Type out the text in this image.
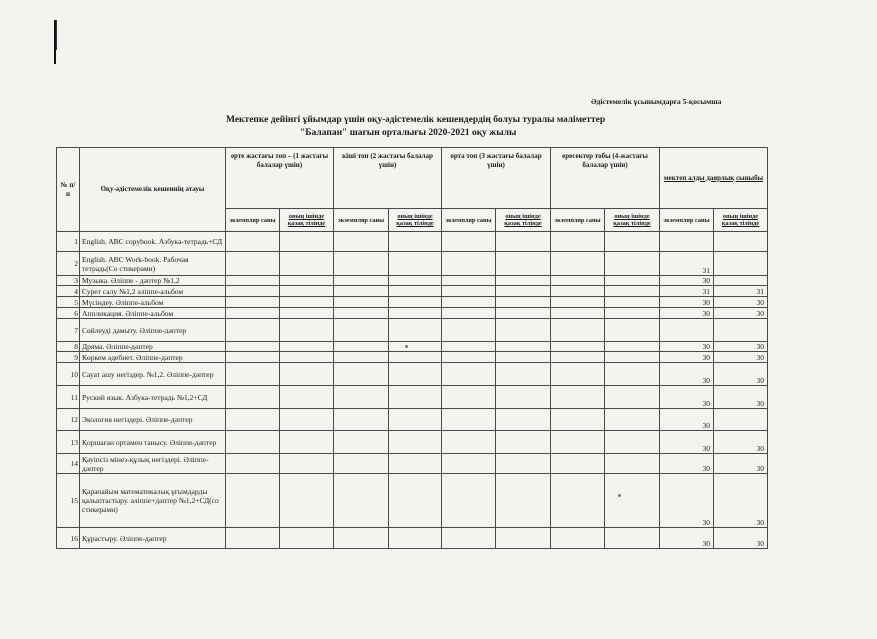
Әдістемелік ұсынымдарға 5-қосымша
Мектепке дейінгі ұйымдар үшін оқу-әдістемелік кешендердің болуы туралы мәліметтер
"Балапан" шағын орталығы 2020-2021 оқу жылы
№ п/п	Оқу-әдістемелік кешеннің атауы	ерте жастағы топ – (1 жастағы балалар үшін)		кіші топ (2 жастағы балалар үшін)		орта топ (3 жастағы балалар үшін)		ересектер тобы (4-жастағы балалар үшін)		мектеп алды даярлық сыныбы	
		экземпляр саны	оның ішінде қазақ тілінде	экземпляр саны	оның ішінде қазақ тілінде	экземпляр саны	оның ішінде қазақ тілінде	экземпляр саны	оның ішінде қазақ тілінде	экземпляр саны	оның ішінде қазақ тілінде
1	English. ABC copybook. Азбука-тетрадь+СД										
2	English. ABC Work-book. Рабочая тетрадь(Со стикерами)									31	
3	Музыка. Әліппе - дәптер №1,2									30	
4	Сурет салу №1,2 әліппе-альбом									31	31
5	Мүсіндеу. Әліппе-альбом									30	30
6	Аппликация. Әліппе-альбом									30	30
7	Сөйлеуді дамыту. Әліппе-дәптер										
8	Дряма. Әліппе-дәптер									30	30
9	Көркем әдебиет. Әліппе-дәптер									30	30
10	Сауат ашу негіздер. №1,2. Әліппе-дәптер									30	30
11	Руский язык. Азбука-тетрадь №1,2+СД									30	30
12	Экология негіздері. Әліппе-дәптер									30	
13	Қоршаған ортамен танысу. Әліппе-дәптер									30	30
14	Қауіпсіз мінез-құлық негіздері. Әліппе-дәптер									30	30
15	Қарапайым математикалық ұғымдарды қалыптастыру. әліппе+дәптер №1,2+СД(со стикерами)									30	30
16	Құрастыру. Әліппе-дәптер									30	30
